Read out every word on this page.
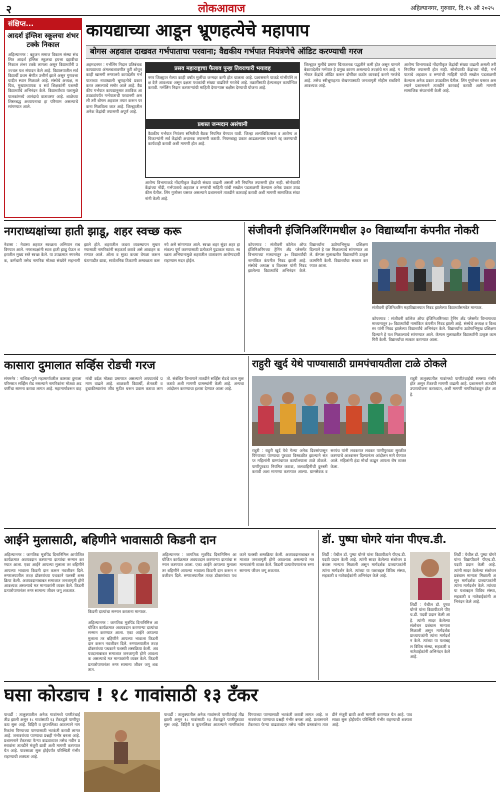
२	लोकआवाज	अहिल्यानगर, गुरुवार, दि.१५ ऑ २०२५
संक्षिप्त...
आदर्श इंग्लिश स्कूलचा शंभर टक्के निकाल
अहिल्यानगर : बहुजन समाज विकास संस्था संचलित आदर्श इंग्लिश स्कूलचा इयत्ता दहावीचा निकाल शंभर टक्के लागला असून विद्यार्थ्यांनी उज्ज्वल यश संपादन केले आहे. विद्यालयातील सर्व विद्यार्थी प्रथम श्रेणीत उत्तीर्ण झाले असून गुणवत्ता यादीत स्थान मिळवले आहे. संस्थेचे अध्यक्ष, सचिव, मुख्याध्यापक व सर्व शिक्षकांनी यशस्वी विद्यार्थ्यांचे अभिनंदन केले. विद्यार्थ्यांच्या यशामुळे पालकांमध्ये आनंदाचे वातावरण आहे. शाळेच्या शिस्तबद्ध अध्यापनाचा हा परिणाम असल्याचे सांगण्यात आले.
कायद्याच्या आडून भ्रूणहत्येचे महापाप
बोगस अहवाल दाखवत गर्भपाताचा परवाना; वैद्यकीय गर्भपात नियंत्रणेचे ऑडिट करण्याची गरज
अहमदनगर : गर्भलिंग निदान प्रतिबंधक कायद्याच्या अंमलबजावणीत त्रुटी शोधून काही खासगी रुग्णालये कायदेशीर गर्भपाताच्या नावाखाली भ्रूणहत्येचे प्रकार करत असल्याचे समोर आले आहे. वैद्यकीय गर्भपात कायद्यानुसार ठराविक आठवड्यांपर्यंत गर्भपाताची परवानगी असली तरी बोगस अहवाल तयार करून परवाना मिळविला जात आहे. जिल्ह्यातील अनेक केंद्रांची तपासणी अपूर्ण आहे.
प्रसव महाराष्ट्राचा फैलाव पुन्हा तिवराचारी भयावह
नगर जिल्ह्यात गेल्या काही वर्षांत मुलींचा जन्मदर कमी होत चालला आहे. प्रशासनाने याकडे गांभीर्याने लक्ष देणे आवश्यक असून दक्षता पथकांची संख्या वाढविणे गरजेचे आहे. तक्रारींसाठी हेल्पलाइन कार्यान्वित करावी. गर्भलिंग निदान करणाऱ्यांची माहिती देणाऱ्यास बक्षीस देण्याची योजना आहे.
प्रशस्त जन्मदान असंचानी
वैद्यकीय गर्भपात नियंत्रण समितीची बैठक नियमित घेण्यात यावी. जिल्हा शल्यचिकित्सक व आरोग्य अधिकाऱ्यांनी सर्व केंद्रांची अचानक तपासणी करावी. नियमबाह्य प्रकार आढळल्यास परवाने रद्द करण्याची कार्यवाही करावी अशी मागणी होत आहे.
आरोग्य विभागाकडे नोंदणीकृत केंद्रांची संख्या वाढली असली तरी नियमित तपासणी होत नाही. सोनोग्राफी केंद्रांच्या नोंदी, गर्भपाताचे अहवाल व रुग्णांची माहिती यांची सखोल पडताळणी केल्यास अनेक प्रकार उघडकीस येतील. लिंग गुणोत्तर घसरत असल्याने प्रशासनाने तातडीने कारवाई करावी अशी मागणी सामाजिक संघटनांनी केली आहे.
जिल्ह्यात मुलींचे प्रमाण चिंताजनक पद्धतीने कमी होत असून यामागे बेकायदेशीर गर्भपात हे प्रमुख कारण असल्याचे तज्ज्ञांचे मत आहे. गर्भपात केंद्रांचे ऑडिट करून दोषींवर कठोर कारवाई करणे गरजेचे आहे. तसेच स्त्रीभ्रूणहत्या रोखण्यासाठी जनजागृती मोहीम राबविणे आवश्यक आहे.
आरोग्य विभागाकडे नोंदणीकृत केंद्रांची संख्या वाढली असली तरी नियमित तपासणी होत नाही. सोनोग्राफी केंद्रांच्या नोंदी, गर्भपाताचे अहवाल व रुग्णांची माहिती यांची सखोल पडताळणी केल्यास अनेक प्रकार उघडकीस येतील. लिंग गुणोत्तर घसरत असल्याने प्रशासनाने तातडीने कारवाई करावी अशी मागणी सामाजिक संघटनांनी केली आहे.
नगराध्यक्षांच्या हाती झाडू, शहर स्वच्छ करू
नेवासा : नेवासा शहरात स्वच्छता अभियान राबविण्यात आले. नगराध्यक्षांनी स्वतः हाती झाडू घेऊन शहरातील मुख्य रस्ते स्वच्छ केले. या उपक्रमात नगरसेवक, कर्मचारी तसेच नागरिक मोठ्या संख्येने सहभागी झाले होते. शहरातील कचरा व्यवस्थापन सुधारण्यासाठी नागरिकांनी सहकार्य करावे असे आवाहन करण्यात आले. ओला व सुका कचरा वेगळा करून घंटागाडीत द्यावा, सार्वजनिक ठिकाणी अस्वच्छता करू नये असे सांगण्यात आले. स्वच्छ शहर सुंदर शहर हा संकल्प पूर्ण करण्यासाठी प्रत्येकाने पुढाकार घ्यावा. स्वच्छता अभियानामुळे शहरातील वातावरण आरोग्यदायी राहण्यास मदत होईल.
संजीवनी इंजिनिअरिंगमधील ३० विद्यार्थ्यांना कंपनीत नोकरी
कोपरगाव : संजीवनी कॉलेज ऑफ इंजिनिअरिंगच्या ट्रेनिंग अँड प्लेसमेंट विभागाच्या माध्यमातून ३० विद्यार्थ्यांची नामांकित कंपनीत निवड झाली आहे. संस्थेचे अध्यक्ष व विश्वस्त यांनी निवड झालेल्या विद्यार्थ्यांचे अभिनंदन केले. विद्यार्थ्यांना उद्योगाभिमुख प्रशिक्षण दिल्याने हे यश मिळाल्याचे सांगण्यात आले. कॅम्पस मुलाखतीत विद्यार्थ्यांनी उत्कृष्ट कामगिरी केली. विद्यार्थ्यांचा सत्कार करण्यात आला.
संजीवनी इंजिनिअरिंग महाविद्यालयात निवड झालेल्या विद्यार्थ्यांसमवेत मान्यवर.
कोपरगाव : संजीवनी कॉलेज ऑफ इंजिनिअरिंगच्या ट्रेनिंग अँड प्लेसमेंट विभागाच्या माध्यमातून ३० विद्यार्थ्यांची नामांकित कंपनीत निवड झाली आहे. संस्थेचे अध्यक्ष व विश्वस्त यांनी निवड झालेल्या विद्यार्थ्यांचे अभिनंदन केले. विद्यार्थ्यांना उद्योगाभिमुख प्रशिक्षण दिल्याने हे यश मिळाल्याचे सांगण्यात आले. कॅम्पस मुलाखतीत विद्यार्थ्यांनी उत्कृष्ट कामगिरी केली. विद्यार्थ्यांचा सत्कार करण्यात आला.
कासारा दुमालात सर्व्हिस रोडची गरज
संगमनेर : नाशिक-पुणे महामार्गावरील कासारा दुमाला परिसरात सर्व्हिस रोड नसल्याने नागरिकांना मोठ्या अडचणींचा सामना करावा लागत आहे. महामार्गावरून वाहनांची वर्दळ मोठ्या प्रमाणात असल्याने अपघातांचे प्रमाण वाढले आहे. शाळकरी विद्यार्थी, शेतकरी व दुचाकीस्वारांना जीव मुठीत धरून प्रवास करावा लागतो. संबंधित विभागाने तातडीने सर्व्हिस रोडचे काम सुरू करावे अशी मागणी ग्रामस्थांनी केली आहे. अन्यथा आंदोलन करण्याचा इशारा देण्यात आला आहे.
राहुरी खुर्द येथे पाण्यासाठी ग्रामपंचायतीला टाळे ठोकले
राहुरी : राहुरी खुर्द येथे गेल्या अनेक दिवसांपासून पिण्याच्या पाण्याचा पुरवठा विस्कळीत झाल्याने संतप्त महिलांनी ग्रामपंचायत कार्यालयाला टाळे ठोकले. पाणीपुरवठा नियमित करावा, जलवाहिनीची दुरुस्ती करावी अशा मागण्या करण्यात आल्या. ग्रामसेवक व सरपंच यांनी लवकरात लवकर पाणीपुरवठा सुरळीत करण्याचे आश्वासन दिल्यानंतर आंदोलन मागे घेण्यात आले. महिलांनी हंडा मोर्चा काढून आपला रोष व्यक्त केला.
राहुरी तालुक्यातील गावांमध्ये पाणीटंचाईची समस्या गंभीर होत असून टँकरची मागणी वाढली आहे. प्रशासनाने तातडीने उपाययोजना कराव्यात, अशी मागणी नागरिकांकडून होत आहे.
आईने मुलासाठी, बहिणीने भावासाठी किडनी दान
अहिल्यानगर : जागतिक मूत्रपिंड दिनानिमित्त आयोजित कार्यक्रमात अवयवदान करणाऱ्या दात्यांचा सन्मान करण्यात आला. एका आईने आपल्या मुलाला तर बहिणीने आपल्या भावाला किडनी दान करून नवजीवन दिले. रुग्णालयातील तज्ज्ञ डॉक्टरांच्या पथकाने यशस्वी शस्त्रक्रिया केली. अवयवदानाबाबत समाजात जनजागृती होणे आवश्यक असल्याचे मत मान्यवरांनी व्यक्त केले. किडनी प्रत्यारोपणानंतर रुग्ण सामान्य जीवन जगू शकतात.
किडनी दात्यांचा सन्मान करताना मान्यवर.
अहिल्यानगर : जागतिक मूत्रपिंड दिनानिमित्त आयोजित कार्यक्रमात अवयवदान करणाऱ्या दात्यांचा सन्मान करण्यात आला. एका आईने आपल्या मुलाला तर बहिणीने आपल्या भावाला किडनी दान करून नवजीवन दिले. रुग्णालयातील तज्ज्ञ डॉक्टरांच्या पथकाने यशस्वी शस्त्रक्रिया केली. अवयवदानाबाबत समाजात जनजागृती होणे आवश्यक असल्याचे मत मान्यवरांनी व्यक्त केले. किडनी प्रत्यारोपणानंतर रुग्ण सामान्य जीवन जगू शकतात.
अहिल्यानगर : जागतिक मूत्रपिंड दिनानिमित्त आयोजित कार्यक्रमात अवयवदान करणाऱ्या दात्यांचा सन्मान करण्यात आला. एका आईने आपल्या मुलाला तर बहिणीने आपल्या भावाला किडनी दान करून नवजीवन दिले. रुग्णालयातील तज्ज्ञ डॉक्टरांच्या पथकाने यशस्वी शस्त्रक्रिया केली. अवयवदानाबाबत समाजात जनजागृती होणे आवश्यक असल्याचे मत मान्यवरांनी व्यक्त केले. किडनी प्रत्यारोपणानंतर रुग्ण सामान्य जीवन जगू शकतात.
डॉ. पुष्पा घोगरे यांना पीएच.डी.
शिर्डी : येथील डॉ. पुष्पा घोगरे यांना विद्यापीठाने पीएच.डी. पदवी प्रदान केली आहे. त्यांनी सादर केलेल्या संशोधन प्रबंधास मान्यता मिळाली असून मार्गदर्शक प्राध्यापकांनी त्यांना मार्गदर्शन केले. त्यांच्या या यशाबद्दल विविध संस्था, सहकारी व नातेवाईकांनी अभिनंदन केले आहे.
शिर्डी : येथील डॉ. पुष्पा घोगरे यांना विद्यापीठाने पीएच.डी. पदवी प्रदान केली आहे. त्यांनी सादर केलेल्या संशोधन प्रबंधास मान्यता मिळाली असून मार्गदर्शक प्राध्यापकांनी त्यांना मार्गदर्शन केले. त्यांच्या या यशाबद्दल विविध संस्था, सहकारी व नातेवाईकांनी अभिनंदन केले आहे.
शिर्डी : येथील डॉ. पुष्पा घोगरे यांना विद्यापीठाने पीएच.डी. पदवी प्रदान केली आहे. त्यांनी सादर केलेल्या संशोधन प्रबंधास मान्यता मिळाली असून मार्गदर्शक प्राध्यापकांनी त्यांना मार्गदर्शन केले. त्यांच्या या यशाबद्दल विविध संस्था, सहकारी व नातेवाईकांनी अभिनंदन केले आहे.
घसा कोरडाच ! १८ गावांसाठी १३ टँकर
पाथर्डी : तालुक्यातील अनेक गावांमध्ये पाणीटंचाई तीव्र झाली असून १८ गावांसाठी १३ टँकरद्वारे पाणीपुरवठा सुरू आहे. विहिरी व कूपनलिका आटल्याने नागरिकांना पिण्याच्या पाण्यासाठी भटकंती करावी लागत आहे. जनावरांच्या पाण्याचा प्रश्नही गंभीर बनला आहे. प्रशासनाने टँकरच्या फेऱ्या वाढवाव्यात तसेच नवीन प्रस्तावांना तातडीने मंजुरी द्यावी अशी मागणी करण्यात येत आहे. पावसाळा सुरू होईपर्यंत परिस्थिती गंभीर राहण्याची शक्यता आहे.
पाथर्डी : तालुक्यातील अनेक गावांमध्ये पाणीटंचाई तीव्र झाली असून १८ गावांसाठी १३ टँकरद्वारे पाणीपुरवठा सुरू आहे. विहिरी व कूपनलिका आटल्याने नागरिकांना पिण्याच्या पाण्यासाठी भटकंती करावी लागत आहे. जनावरांच्या पाण्याचा प्रश्नही गंभीर बनला आहे. प्रशासनाने टँकरच्या फेऱ्या वाढवाव्यात तसेच नवीन प्रस्तावांना तातडीने मंजुरी द्यावी अशी मागणी करण्यात येत आहे. पावसाळा सुरू होईपर्यंत परिस्थिती गंभीर राहण्याची शक्यता आहे.
